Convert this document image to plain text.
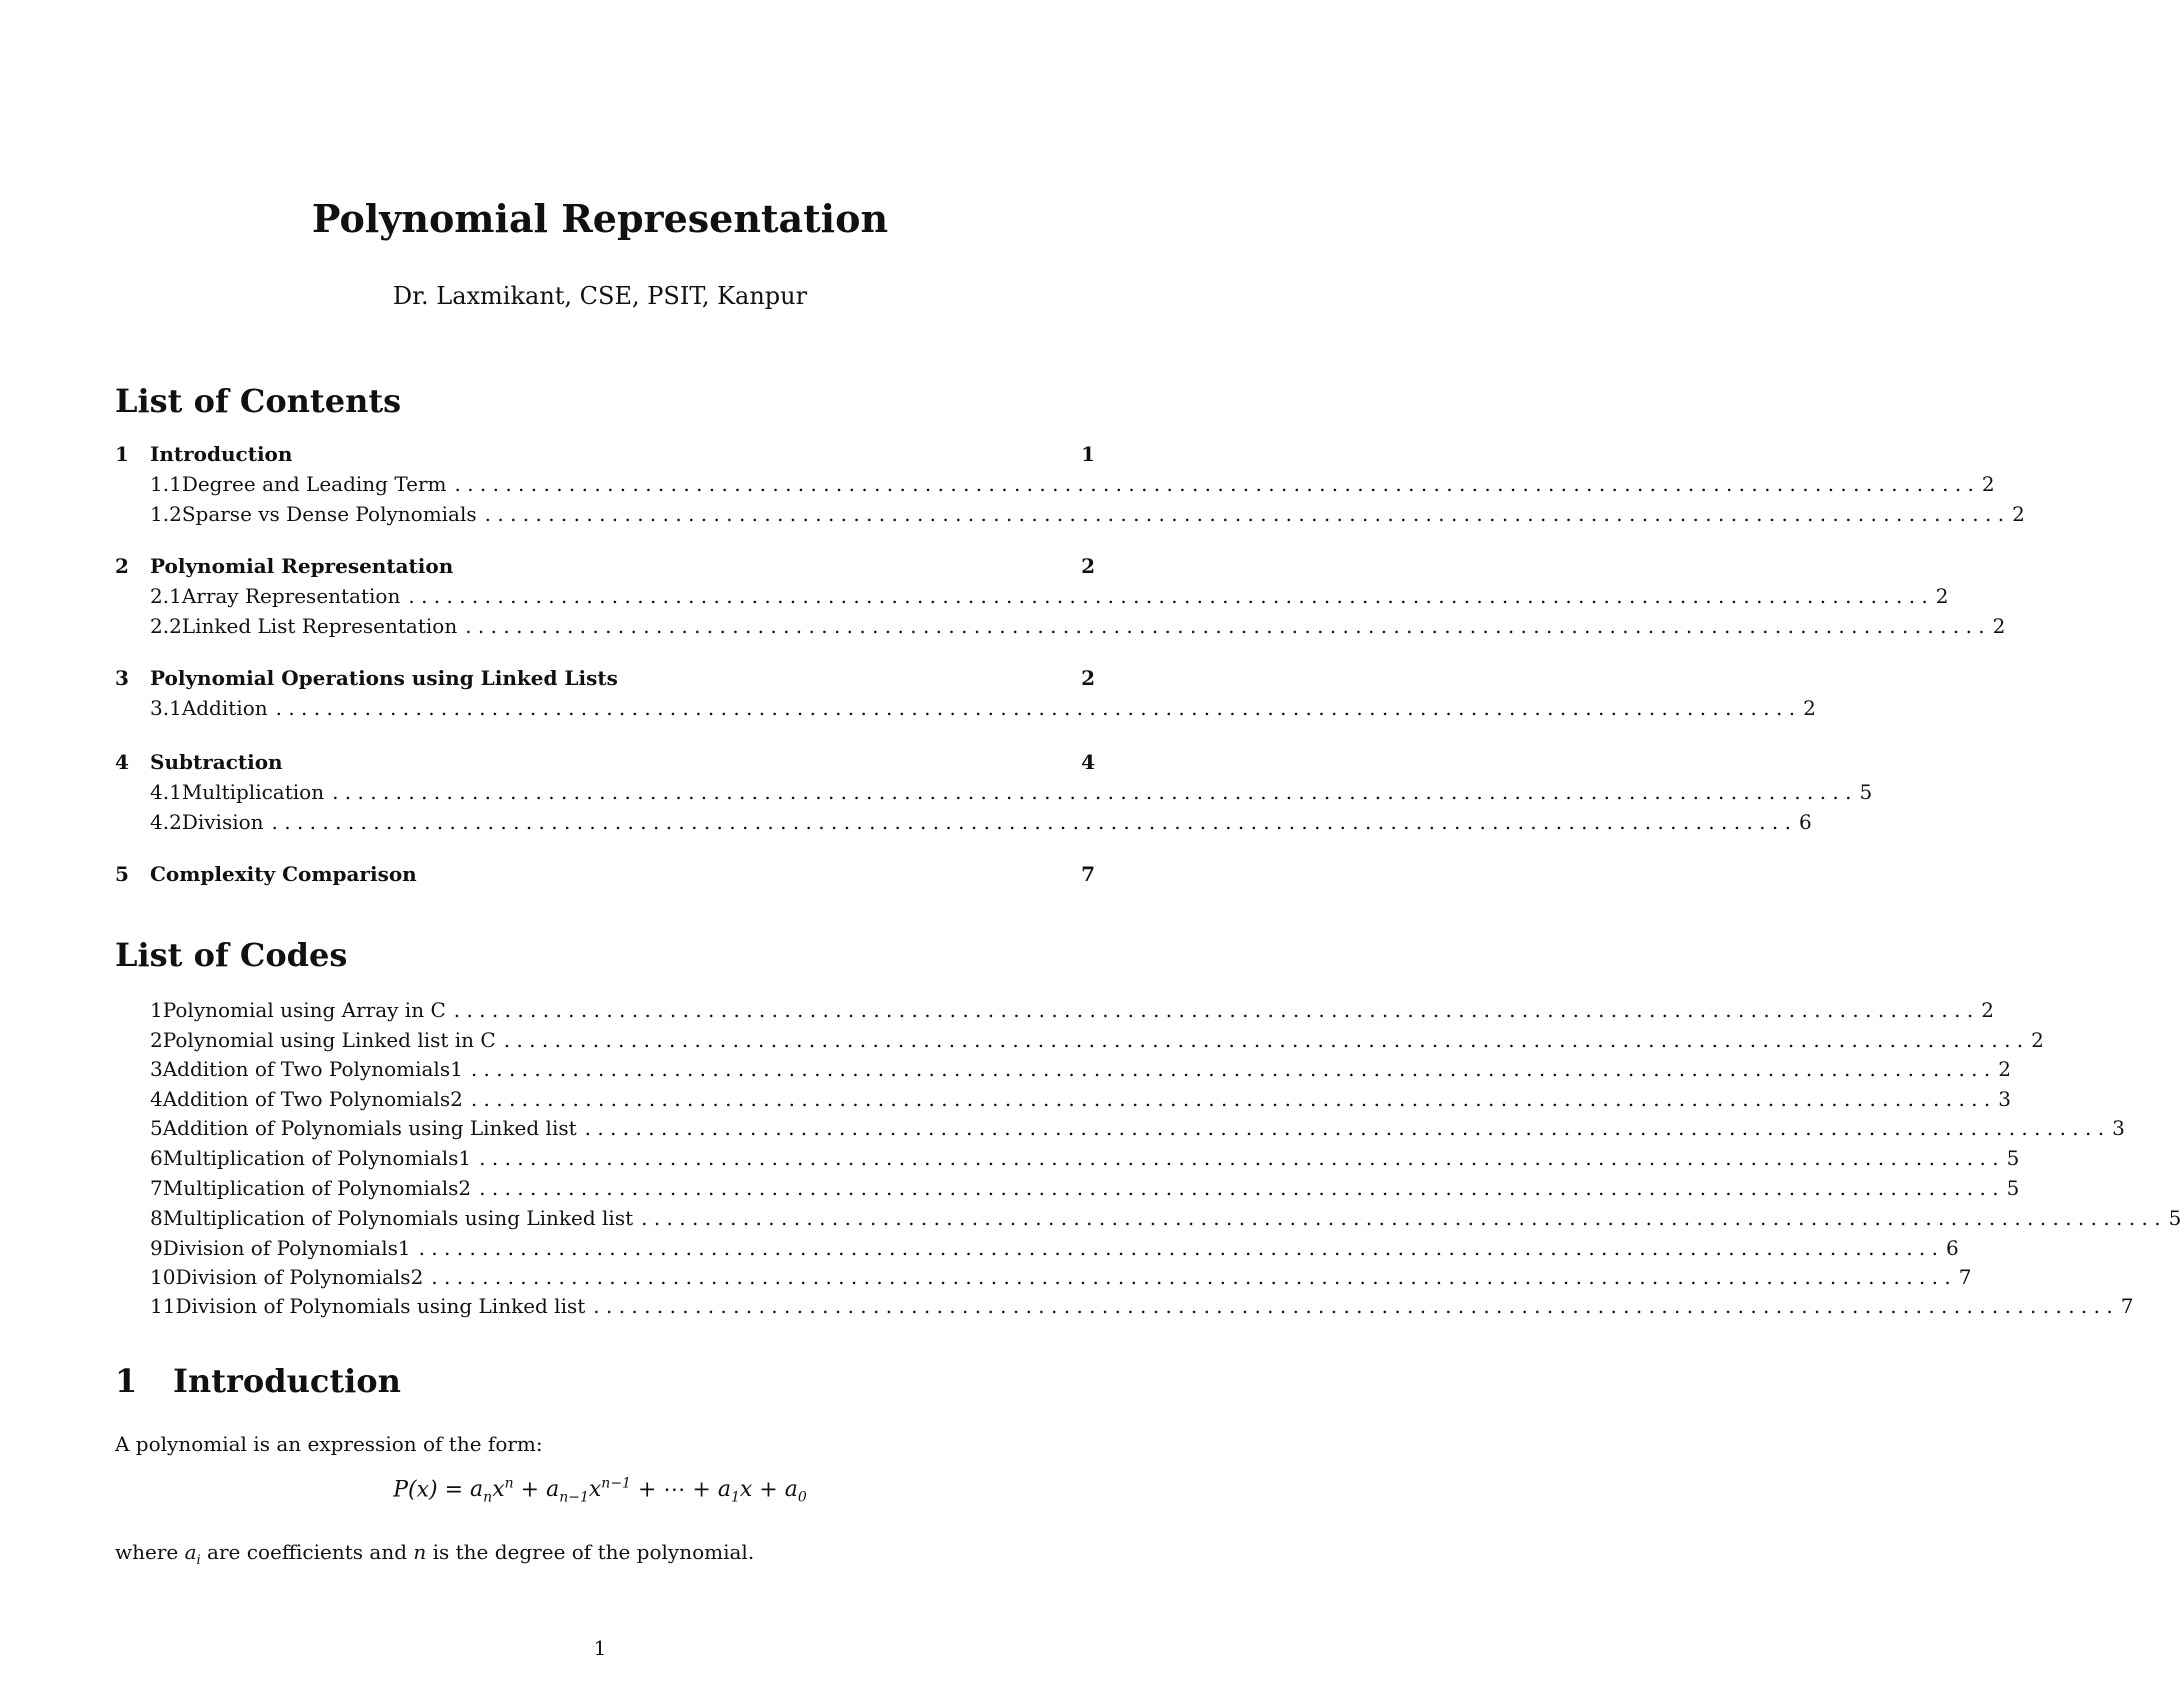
Polynomial Representation
Dr. Laxmikant, CSE, PSIT, Kanpur
List of Contents
1	Introduction	1
1.1 Degree and Leading Term . . . . . . . . . . . . . . . . . . . . . . . . . . . . . . . . . . . . . . . . . . . . . . . . . . . . . . . . . . . . . . . . . . . . . . . . . . . . . . . . . . . . . . . . . . . . . . . . . . . . . . . . . . . . . . . . . . . . . . . . 2
1.2 Sparse vs Dense Polynomials . . . . . . . . . . . . . . . . . . . . . . . . . . . . . . . . . . . . . . . . . . . . . . . . . . . . . . . . . . . . . . . . . . . . . . . . . . . . . . . . . . . . . . . . . . . . . . . . . . . . . . . . . . . . . . . . . . . . . . . . 2
2	Polynomial Representation	2
2.1 Array Representation . . . . . . . . . . . . . . . . . . . . . . . . . . . . . . . . . . . . . . . . . . . . . . . . . . . . . . . . . . . . . . . . . . . . . . . . . . . . . . . . . . . . . . . . . . . . . . . . . . . . . . . . . . . . . . . . . . . . . . . . 2
2.2 Linked List Representation . . . . . . . . . . . . . . . . . . . . . . . . . . . . . . . . . . . . . . . . . . . . . . . . . . . . . . . . . . . . . . . . . . . . . . . . . . . . . . . . . . . . . . . . . . . . . . . . . . . . . . . . . . . . . . . . . . . . . . . . 2
3	Polynomial Operations using Linked Lists	2
3.1 Addition . . . . . . . . . . . . . . . . . . . . . . . . . . . . . . . . . . . . . . . . . . . . . . . . . . . . . . . . . . . . . . . . . . . . . . . . . . . . . . . . . . . . . . . . . . . . . . . . . . . . . . . . . . . . . . . . . . . . . . . . 2
4	Subtraction	4
4.1 Multiplication . . . . . . . . . . . . . . . . . . . . . . . . . . . . . . . . . . . . . . . . . . . . . . . . . . . . . . . . . . . . . . . . . . . . . . . . . . . . . . . . . . . . . . . . . . . . . . . . . . . . . . . . . . . . . . . . . . . . . . . . 5
4.2 Division . . . . . . . . . . . . . . . . . . . . . . . . . . . . . . . . . . . . . . . . . . . . . . . . . . . . . . . . . . . . . . . . . . . . . . . . . . . . . . . . . . . . . . . . . . . . . . . . . . . . . . . . . . . . . . . . . . . . . . . . 6
5	Complexity Comparison	7
List of Codes
1 Polynomial using Array in C . . . . . . . . . . . . . . . . . . . . . . . . . . . . . . . . . . . . . . . . . . . . . . . . . . . . . . . . . . . . . . . . . . . . . . . . . . . . . . . . . . . . . . . . . . . . . . . . . . . . . . . . . . . . . . . . . . . . . . . . 2
2 Polynomial using Linked list in C . . . . . . . . . . . . . . . . . . . . . . . . . . . . . . . . . . . . . . . . . . . . . . . . . . . . . . . . . . . . . . . . . . . . . . . . . . . . . . . . . . . . . . . . . . . . . . . . . . . . . . . . . . . . . . . . . . . . . . . . 2
3 Addition of Two Polynomials1 . . . . . . . . . . . . . . . . . . . . . . . . . . . . . . . . . . . . . . . . . . . . . . . . . . . . . . . . . . . . . . . . . . . . . . . . . . . . . . . . . . . . . . . . . . . . . . . . . . . . . . . . . . . . . . . . . . . . . . . . 2
4 Addition of Two Polynomials2 . . . . . . . . . . . . . . . . . . . . . . . . . . . . . . . . . . . . . . . . . . . . . . . . . . . . . . . . . . . . . . . . . . . . . . . . . . . . . . . . . . . . . . . . . . . . . . . . . . . . . . . . . . . . . . . . . . . . . . . . 3
5 Addition of Polynomials using Linked list . . . . . . . . . . . . . . . . . . . . . . . . . . . . . . . . . . . . . . . . . . . . . . . . . . . . . . . . . . . . . . . . . . . . . . . . . . . . . . . . . . . . . . . . . . . . . . . . . . . . . . . . . . . . . . . . . . . . . . . . 3
6 Multiplication of Polynomials1 . . . . . . . . . . . . . . . . . . . . . . . . . . . . . . . . . . . . . . . . . . . . . . . . . . . . . . . . . . . . . . . . . . . . . . . . . . . . . . . . . . . . . . . . . . . . . . . . . . . . . . . . . . . . . . . . . . . . . . . . 5
7 Multiplication of Polynomials2 . . . . . . . . . . . . . . . . . . . . . . . . . . . . . . . . . . . . . . . . . . . . . . . . . . . . . . . . . . . . . . . . . . . . . . . . . . . . . . . . . . . . . . . . . . . . . . . . . . . . . . . . . . . . . . . . . . . . . . . . 5
8 Multiplication of Polynomials using Linked list . . . . . . . . . . . . . . . . . . . . . . . . . . . . . . . . . . . . . . . . . . . . . . . . . . . . . . . . . . . . . . . . . . . . . . . . . . . . . . . . . . . . . . . . . . . . . . . . . . . . . . . . . . . . . . . . . . . . . . . . 5
9 Division of Polynomials1 . . . . . . . . . . . . . . . . . . . . . . . . . . . . . . . . . . . . . . . . . . . . . . . . . . . . . . . . . . . . . . . . . . . . . . . . . . . . . . . . . . . . . . . . . . . . . . . . . . . . . . . . . . . . . . . . . . . . . . . . 6
10 Division of Polynomials2 . . . . . . . . . . . . . . . . . . . . . . . . . . . . . . . . . . . . . . . . . . . . . . . . . . . . . . . . . . . . . . . . . . . . . . . . . . . . . . . . . . . . . . . . . . . . . . . . . . . . . . . . . . . . . . . . . . . . . . . . 7
11 Division of Polynomials using Linked list . . . . . . . . . . . . . . . . . . . . . . . . . . . . . . . . . . . . . . . . . . . . . . . . . . . . . . . . . . . . . . . . . . . . . . . . . . . . . . . . . . . . . . . . . . . . . . . . . . . . . . . . . . . . . . . . . . . . . . . . 7
1 Introduction
A polynomial is an expression of the form:
$P(x) = a_nx^n + a_{n-1}x^{n-1}$ + ⋯ + $a_1x + a_0$
where $a_i$ are coefficients and n is the degree of the polynomial.
1
